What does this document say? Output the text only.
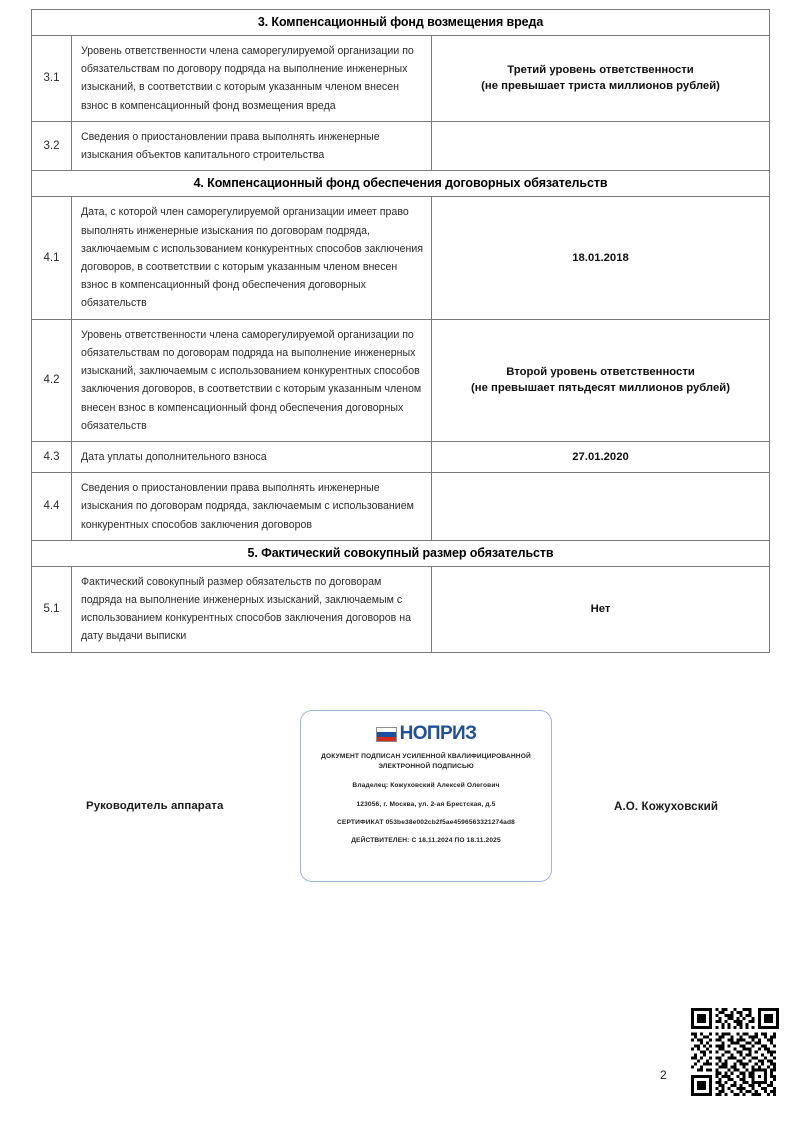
3. Компенсационный фонд возмещения вреда		
3.1	Уровень ответственности члена саморегулируемой организации по обязательствам по договору подряда на выполнение инженерных изысканий, в соответствии с которым указанным членом внесен взнос в компенсационный фонд возмещения вреда	Третий уровень ответственности
(не превышает триста миллионов рублей)
3.2	Сведения о приостановлении права выполнять инженерные изыскания объектов капитального строительства	
4. Компенсационный фонд обеспечения договорных обязательств		
4.1	Дата, с которой член саморегулируемой организации имеет право выполнять инженерные изыскания по договорам подряда, заключаемым с использованием конкурентных способов заключения договоров, в соответствии с которым указанным членом внесен взнос в компенсационный фонд обеспечения договорных обязательств	18.01.2018
4.2	Уровень ответственности члена саморегулируемой организации по обязательствам по договорам подряда на выполнение инженерных изысканий, заключаемым с использованием конкурентных способов заключения договоров, в соответствии с которым указанным членом внесен взнос в компенсационный фонд обеспечения договорных обязательств	Второй уровень ответственности
(не превышает пятьдесят миллионов рублей)
4.3	Дата уплаты дополнительного взноса	27.01.2020
4.4	Сведения о приостановлении права выполнять инженерные изыскания по договорам подряда, заключаемым с использованием конкурентных способов заключения договоров	
5. Фактический совокупный размер обязательств		
5.1	Фактический совокупный размер обязательств по договорам подряда на выполнение инженерных изысканий, заключаемым с использованием конкурентных способов заключения договоров на дату выдачи выписки	Нет
Руководитель аппарата	А.О. Кожуховский
НОПРИЗ
ДОКУМЕНТ ПОДПИСАН УСИЛЕННОЙ КВАЛИФИЦИРОВАННОЙ
ЭЛЕКТРОННОЙ ПОДПИСЬЮ
Владелец: Кожуховский Алексей Олегович
123056, г. Москва, ул. 2-ая Брестская, д.5
СЕРТИФИКАТ 053be38e002cb2f5ae4596563321274ad8
ДЕЙСТВИТЕЛЕН: С 18.11.2024 ПО 18.11.2025
2
